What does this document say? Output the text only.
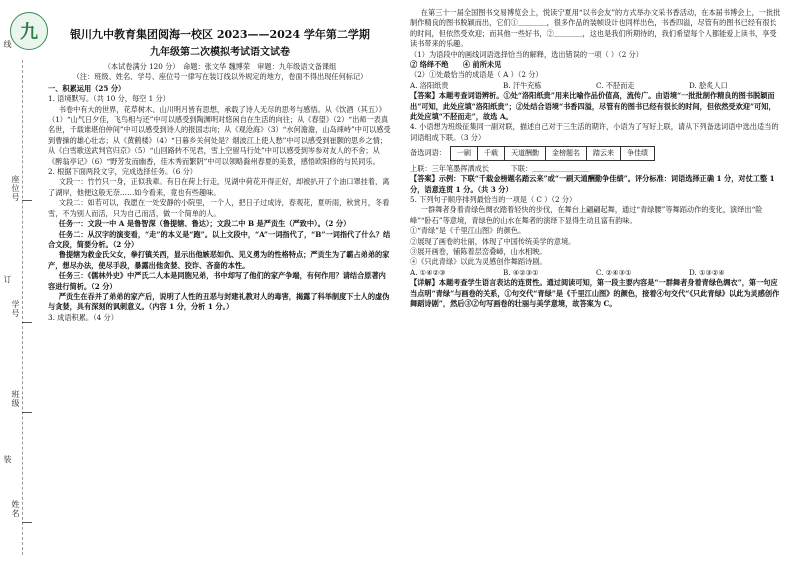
线
订
装
座位号
学号
班级
姓名
九	银川九中教育集团阅海一校区 2023——2024 学年第二学期

九年级第二次模拟考试语文试卷

（本试卷满分 120 分）　命题：张文华 魏博荣　审题：九年级语文备课组

（注：班级、姓名、学号、座位号一律写在装订线以外规定的地方，卷面不得出现任何标记）

一、积累运用（25 分）

1. 语境默写。（共 10 分，每空 1 分）

书卷中有大的世界，花草树木、山川明月皆有思想，承载了诗人无尽的思考与感悟。从《饮酒（其五）》（1）“山气日夕佳，飞鸟相与还”中可以感受到陶渊明对悠闲自在生活的向往；从《春望》（2）“出师一表真名世，千载谁堪伯仲间”中可以感受到诗人的报国志向；从《观沧海》（3）“水何澹澹，山岛竦峙”中可以感受到曹操的雄心壮志；从《黄鹤楼》（4）“日暮乡关何处是？烟波江上使人愁”中可以感受到崔颢的思乡之情；从《白雪歌送武判官归京》（5）“山回路转不见君，雪上空留马行处”中可以感受到岑参对友人的不舍；从《醉翁亭记》（6）“野芳发而幽香，佳木秀而繁阴”中可以领略滁州春夏的美景，感悟欧阳修的与民同乐。

2. 根据下面两段文字，完成选择任务。（6 分）

文段一：竹竹只一身，正似我辈。有日在荷上行走，见湖中荷花开得正好，却被扒开了个油口罩挂着，离了湖岸，他便这般无奈……如今看来，竟也有些趣味。

文段二：如若可以，我愿在一处安静的小院里，一个人，把日子过成诗，春观花，夏听雨，秋赏月，冬看雪，不为别人而活，只为自己而活，做一个简单的人。

任务一：文段一中 A 是鲁智深（鲁提辖、鲁达）；文段二中 B 是严贡生（严致中）。（2 分）

任务二：从汉字的演变看，“走”的本义是“跑”。以上文段中，“A”一词指代了，“B”一词指代了什么？结合文段，简要分析。（2 分）

鲁提辖为救金氏父女，拳打镇关西，显示出他嫉恶如仇、见义勇为的性格特点；严贡生为了霸占弟弟的家产，想尽办法，使尽手段，暴露出他贪婪、狡诈、吝啬的本性。

任务三：《儒林外史》中严氏二人本是同胞兄弟，书中却写了他们的家产争端，有何作用？请结合原著内容进行简析。（2 分）

严贡生在吞并了弟弟的家产后，说明了人性的丑恶与封建礼教对人的毒害，揭露了科举制度下士人的虚伪与贪婪，具有深刻的讽刺意义。（内容 1 分，分析 1 分。）

3. 成语积累。（4 分）

在第三十一届全国图书交易博览会上，悦读宁夏用“以书会友”的方式举办文采书香活动，在本届书博会上，一批批制作精良的图书脱颖而出，它们①＿＿＿＿，很多作品的装帧设计也同样出色，书香四溢，尽管有的图书已经有很长的时间，但依然受欢迎；而其他一些好书，②＿＿＿＿，这也是我们所期待的，我们希望每个人都能爱上读书，享受读书带来的乐趣。

（1）为语段中的画线词语选择恰当的解释，选出错误的一项（ ）（2 分）

② 络绎不绝　　④ 前所未见

（2）①处最恰当的成语是（ A ）（2 分）

A. 洛阳纸贵	B. 汗牛充栋	C. 不胫而走	D. 脍炙人口

【答案】本题考查词语辨析。①处“洛阳纸贵”用来比喻作品价值高，流传广。由语境“一批批制作精良的图书脱颖而出”可知，此处应填“洛阳纸贵”；②处结合语境“书香四溢，尽管有的图书已经有很长的时间，但依然受欢迎”可知，此处应填“不胫而走”，故选 A。

4. 小语想为班级征集同一副对联，描述自己对于三生活的期许，小语为了写好上联，请从下列备选词语中选出适当的词语组成下联。（3 分）

备选词语： 一刷	千载	天道酬勤	金榜题名	踏云来	争佳绩

上联：三年笔墨挥洒成长　　　下联：＿＿＿＿＿＿＿＿

【答案】示例：下联“千载金榜题名踏云来”或“一刷天道酬勤争佳绩”。评分标准：词语选择正确 1 分，对仗工整 1 分，语意连贯 1 分。（共 3 分）

5. 下列句子顺序排列最恰当的一项是（ C ）（2 分）

一群舞者身着青绿色绸衣踏着轻快的步伐，在舞台上翩翩起舞，通过“青绿腰”等舞蹈动作的变化，演绎出“险峰”“卧石”等意境，青绿色的山水在舞者的演绎下显得生动且富有韵味。

①“青绿”是《千里江山图》的颜色。

②展现了画卷的壮丽，体现了中国传统美学的意境。

③展开画卷，铺陈着层峦叠嶂，山水相映。

④《只此青绿》以此为灵感创作舞蹈诗剧。

A. ①④②③	B. ④②③①	C. ②④③①	D. ①③②④

【详解】本题考查学生语言表达的连贯性。通过阅读可知，第一段主要内容是“一群舞者身着青绿色绸衣”，第一句应当点明“青绿”与画卷的关系，①句交代“青绿”是《千里江山图》的颜色，接着④句交代“《只此青绿》以此为灵感创作舞蹈诗剧”，然后③②句写画卷的壮丽与美学意境，故答案为 C。
